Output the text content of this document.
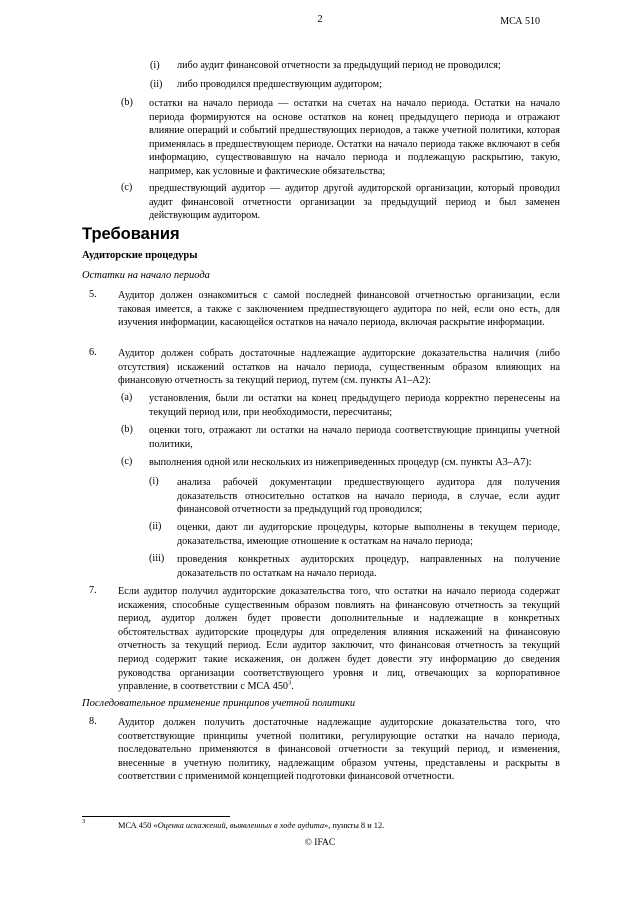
2	МСА 510
(i) либо аудит финансовой отчетности за предыдущий период не проводился;
(ii) либо проводился предшествующим аудитором;
(b) остатки на начало периода — остатки на счетах на начало периода. Остатки на начало периода формируются на основе остатков на конец предыдущего периода и отражают влияние операций и событий предшествующих периодов, а также учетной политики, которая применялась в предшествующем периоде. Остатки на начало периода также включают в себя информацию, существовавшую на начало периода и подлежащую раскрытию, такую, например, как условные и фактические обязательства;
(c) предшествующий аудитор — аудитор другой аудиторской организации, который проводил аудит финансовой отчетности организации за предыдущий период и был заменен действующим аудитором.
Требования
Аудиторские процедуры
Остатки на начало периода
5. Аудитор должен ознакомиться с самой последней финансовой отчетностью организации, если таковая имеется, а также с заключением предшествующего аудитора по ней, если оно есть, для изучения информации, касающейся остатков на начало периода, включая раскрытие информации.
6. Аудитор должен собрать достаточные надлежащие аудиторские доказательства наличия (либо отсутствия) искажений остатков на начало периода, существенным образом влияющих на финансовую отчетность за текущий период, путем (см. пункты А1–А2):
(a) установления, были ли остатки на конец предыдущего периода корректно перенесены на текущий период или, при необходимости, пересчитаны;
(b) оценки того, отражают ли остатки на начало периода соответствующие принципы учетной политики,
(c) выполнения одной или нескольких из нижеприведенных процедур (см. пункты А3–А7):
(i) анализа рабочей документации предшествующего аудитора для получения доказательств относительно остатков на начало периода, в случае, если аудит финансовой отчетности за предыдущий год проводился;
(ii) оценки, дают ли аудиторские процедуры, которые выполнены в текущем периоде, доказательства, имеющие отношение к остаткам на начало периода;
(iii) проведения конкретных аудиторских процедур, направленных на получение доказательств по остаткам на начало периода.
7. Если аудитор получил аудиторские доказательства того, что остатки на начало периода содержат искажения, способные существенным образом повлиять на финансовую отчетность за текущий период, аудитор должен будет провести дополнительные и надлежащие в конкретных обстоятельствах аудиторские процедуры для определения влияния искажений на финансовую отчетность за текущий период. Если аудитор заключит, что финансовая отчетность за текущий период содержит такие искажения, он должен будет довести эту информацию до сведения руководства организации соответствующего уровня и лиц, отвечающих за корпоративное управление, в соответствии с МСА $450^3$.
Последовательное применение принципов учетной политики
8. Аудитор должен получить достаточные надлежащие аудиторские доказательства того, что соответствующие принципы учетной политики, регулирующие остатки на начало периода, последовательно применяются в финансовой отчетности за текущий период, и изменения, внесенные в учетную политику, надлежащим образом учтены, представлены и раскрыты в соответствии с применимой концепцией подготовки финансовой отчетности.
3	МСА 450 «Оценка искажений, выявленных в ходе аудита», пункты 8 и 12.
© IFAC
